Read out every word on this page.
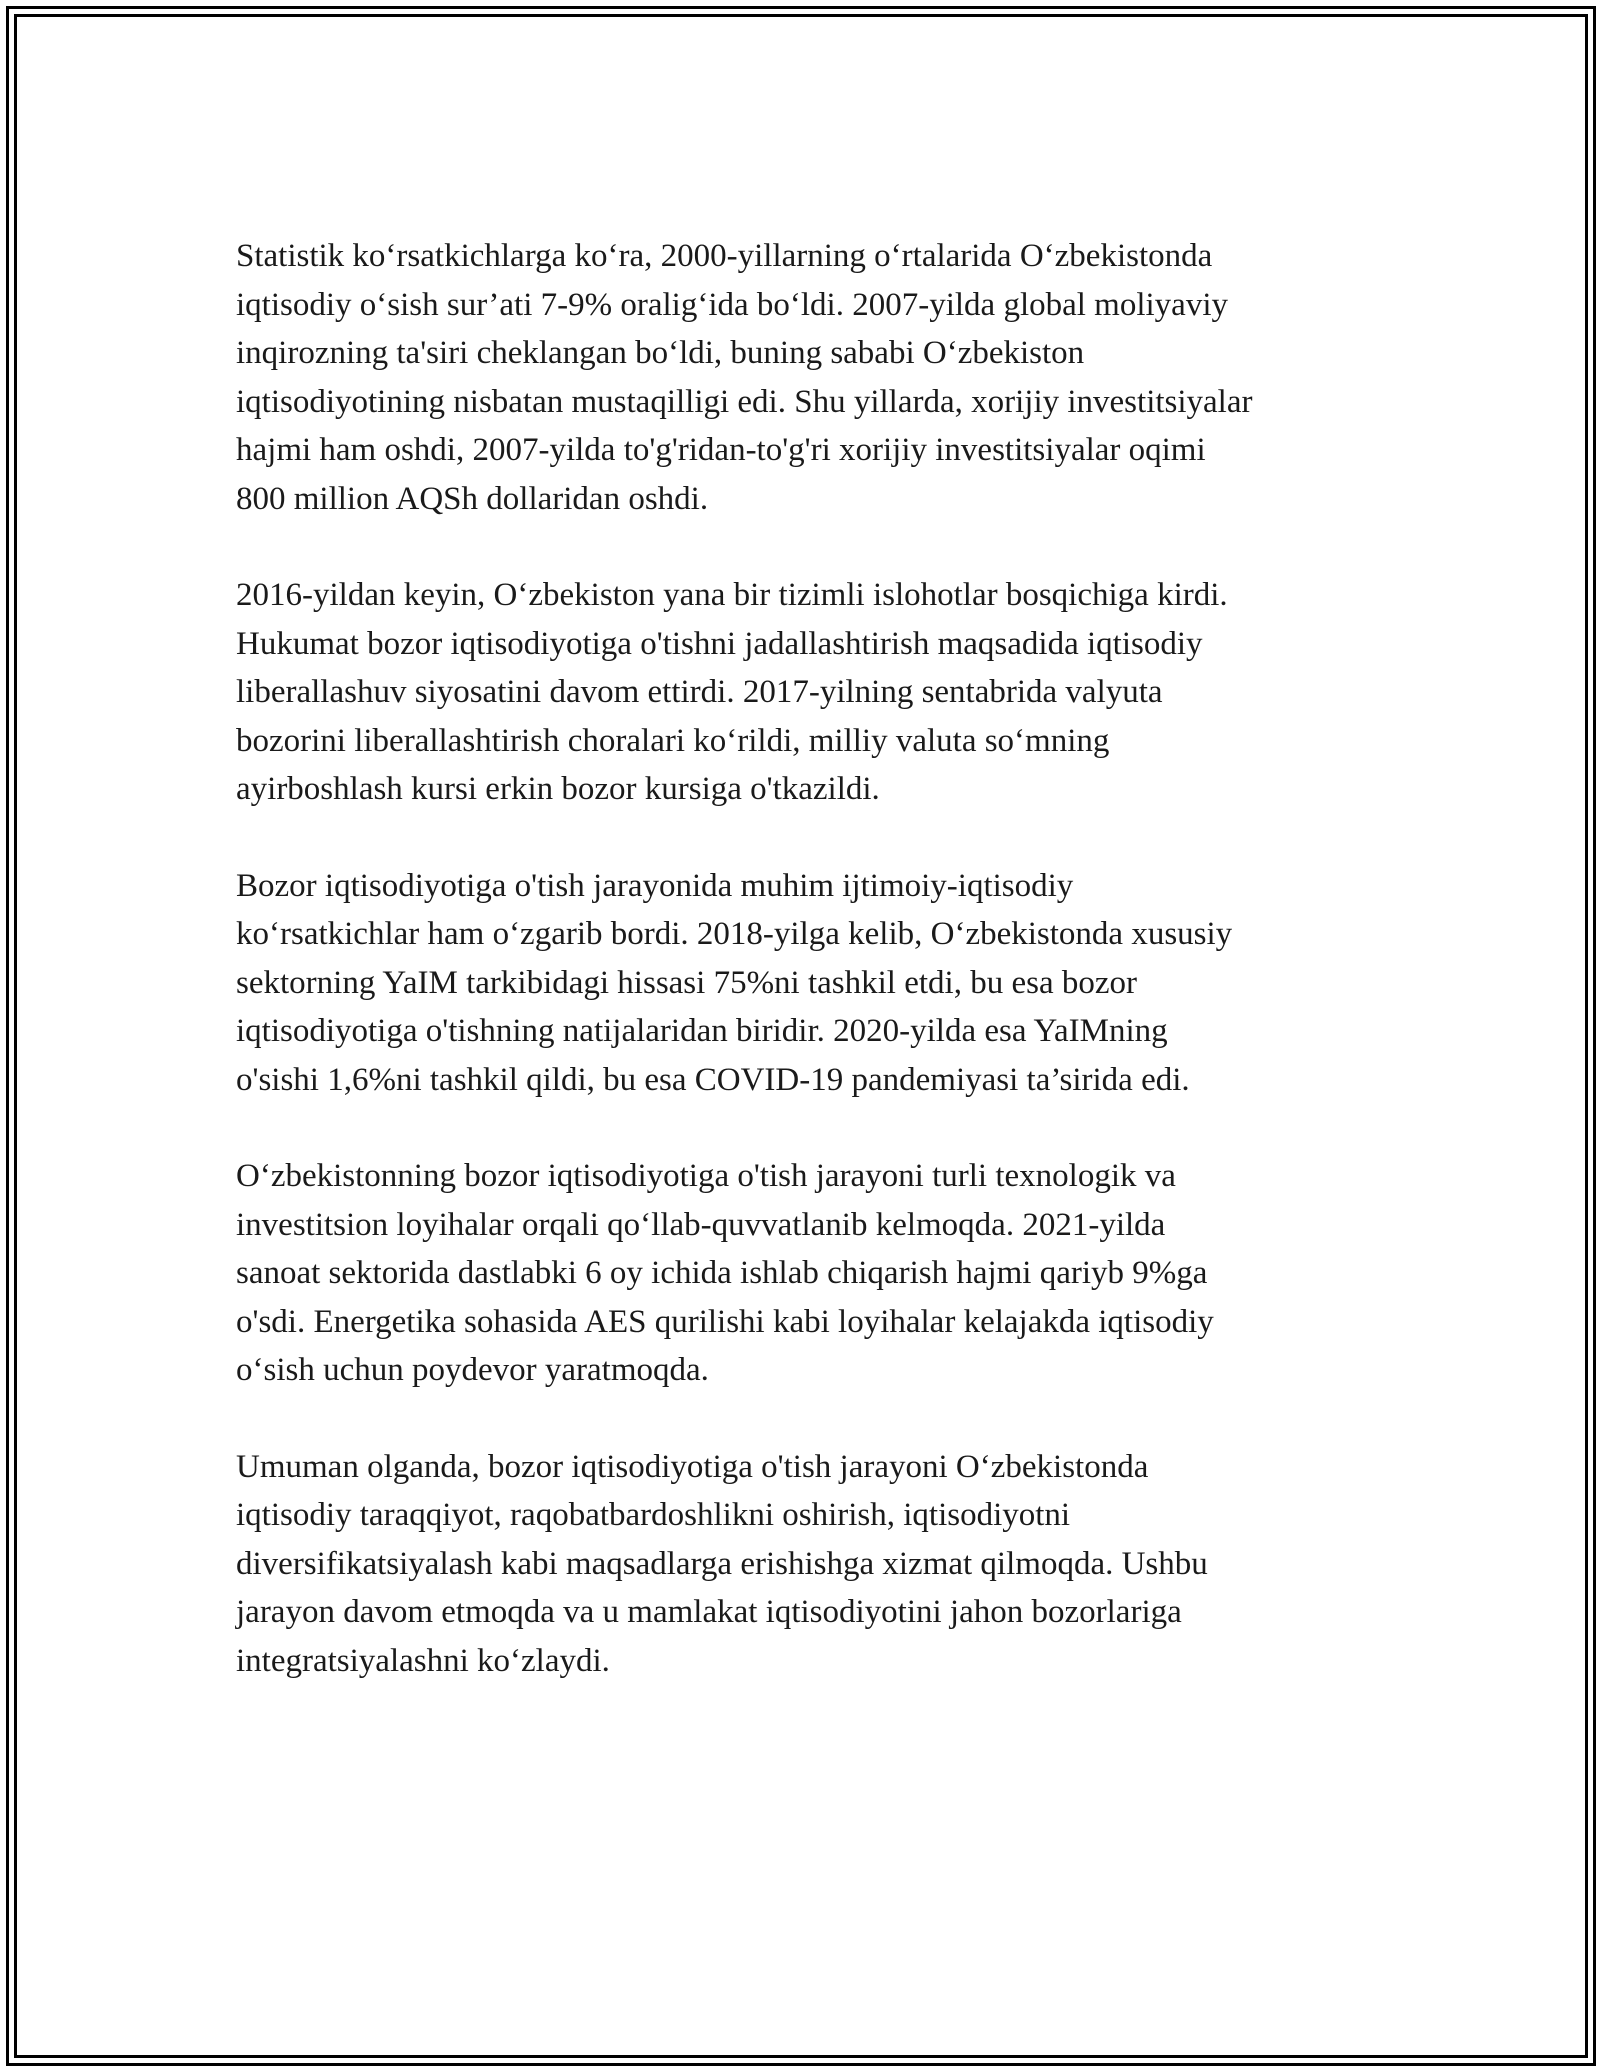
Statistik ko‘rsatkichlarga ko‘ra, 2000-yillarning o‘rtalarida O‘zbekistonda
iqtisodiy o‘sish sur’ati 7-9% oralig‘ida bo‘ldi. 2007-yilda global moliyaviy
inqirozning ta'siri cheklangan bo‘ldi, buning sababi O‘zbekiston
iqtisodiyotining nisbatan mustaqilligi edi. Shu yillarda, xorijiy investitsiyalar
hajmi ham oshdi, 2007-yilda to'g'ridan-to'g'ri xorijiy investitsiyalar oqimi
800 million AQSh dollaridan oshdi.

2016-yildan keyin, O‘zbekiston yana bir tizimli islohotlar bosqichiga kirdi.
Hukumat bozor iqtisodiyotiga o'tishni jadallashtirish maqsadida iqtisodiy
liberallashuv siyosatini davom ettirdi. 2017-yilning sentabrida valyuta
bozorini liberallashtirish choralari ko‘rildi, milliy valuta so‘mning
ayirboshlash kursi erkin bozor kursiga o'tkazildi.

Bozor iqtisodiyotiga o'tish jarayonida muhim ijtimoiy-iqtisodiy
ko‘rsatkichlar ham o‘zgarib bordi. 2018-yilga kelib, O‘zbekistonda xususiy
sektorning YaIM tarkibidagi hissasi 75%ni tashkil etdi, bu esa bozor
iqtisodiyotiga o'tishning natijalaridan biridir. 2020-yilda esa YaIMning
o'sishi 1,6%ni tashkil qildi, bu esa COVID-19 pandemiyasi ta’sirida edi.

O‘zbekistonning bozor iqtisodiyotiga o'tish jarayoni turli texnologik va
investitsion loyihalar orqali qo‘llab-quvvatlanib kelmoqda. 2021-yilda
sanoat sektorida dastlabki 6 oy ichida ishlab chiqarish hajmi qariyb 9%ga
o'sdi. Energetika sohasida AES qurilishi kabi loyihalar kelajakda iqtisodiy
o‘sish uchun poydevor yaratmoqda.

Umuman olganda, bozor iqtisodiyotiga o'tish jarayoni O‘zbekistonda
iqtisodiy taraqqiyot, raqobatbardoshlikni oshirish, iqtisodiyotni
diversifikatsiyalash kabi maqsadlarga erishishga xizmat qilmoqda. Ushbu
jarayon davom etmoqda va u mamlakat iqtisodiyotini jahon bozorlariga
integratsiyalashni ko‘zlaydi.
